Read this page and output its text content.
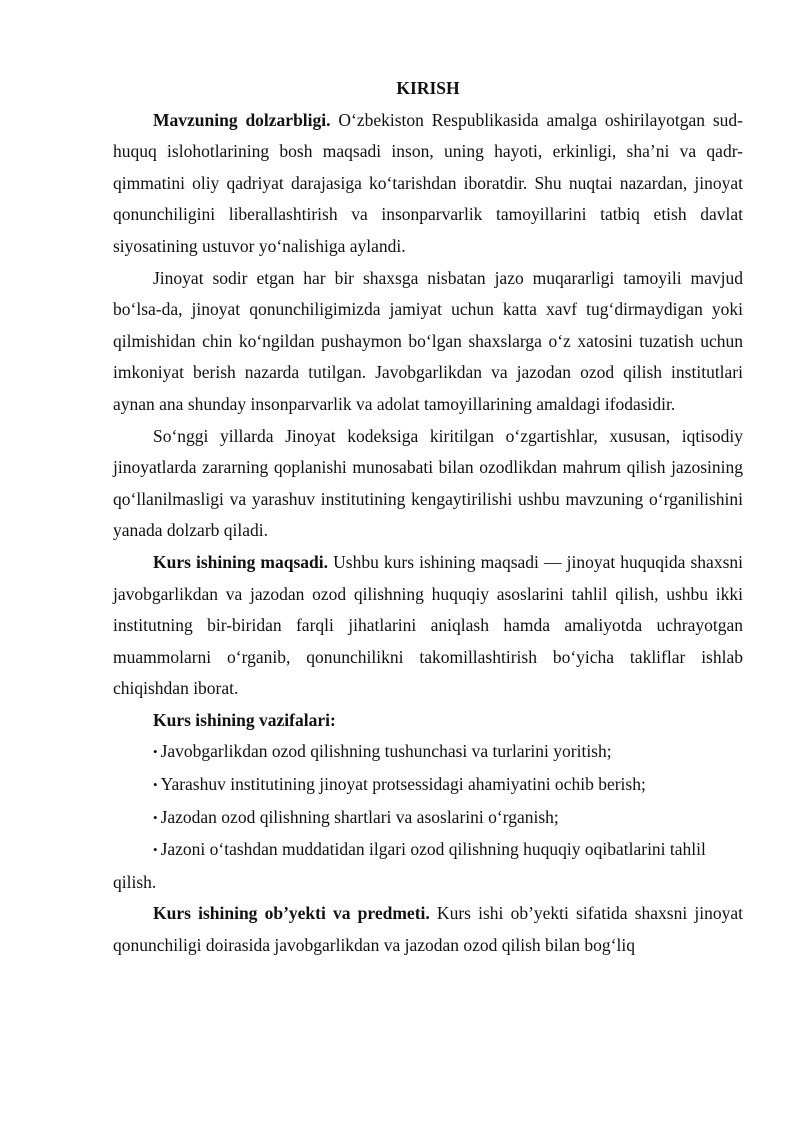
KIRISH

Mavzuning dolzarbligi. O‘zbekiston Respublikasida amalga oshirilayotgan sud-huquq islohotlarining bosh maqsadi inson, uning hayoti, erkinligi, sha’ni va qadr-qimmatini oliy qadriyat darajasiga ko‘tarishdan iboratdir. Shu nuqtai nazardan, jinoyat qonunchiligini liberallashtirish va insonparvarlik tamoyillarini tatbiq etish davlat siyosatining ustuvor yo‘nalishiga aylandi.

Jinoyat sodir etgan har bir shaxsga nisbatan jazo muqararligi tamoyili mavjud bo‘lsa-da, jinoyat qonunchiligimizda jamiyat uchun katta xavf tug‘dirmaydigan yoki qilmishidan chin ko‘ngildan pushaymon bo‘lgan shaxslarga o‘z xatosini tuzatish uchun imkoniyat berish nazarda tutilgan. Javobgarlikdan va jazodan ozod qilish institutlari aynan ana shunday insonparvarlik va adolat tamoyillarining amaldagi ifodasidir.

So‘nggi yillarda Jinoyat kodeksiga kiritilgan o‘zgartishlar, xususan, iqtisodiy jinoyatlarda zararning qoplanishi munosabati bilan ozodlikdan mahrum qilish jazosining qo‘llanilmasligi va yarashuv institutining kengaytirilishi ushbu mavzuning o‘rganilishini yanada dolzarb qiladi.

Kurs ishining maqsadi. Ushbu kurs ishining maqsadi — jinoyat huquqida shaxsni javobgarlikdan va jazodan ozod qilishning huquqiy asoslarini tahlil qilish, ushbu ikki institutning bir-biridan farqli jihatlarini aniqlash hamda amaliyotda uchrayotgan muammolarni o‘rganib, qonunchilikni takomillashtirish bo‘yicha takliflar ishlab chiqishdan iborat.

Kurs ishining vazifalari:

• Javobgarlikdan ozod qilishning tushunchasi va turlarini yoritish;

• Yarashuv institutining jinoyat protsessidagi ahamiyatini ochib berish;

• Jazodan ozod qilishning shartlari va asoslarini o‘rganish;

• Jazoni o‘tashdan muddatidan ilgari ozod qilishning huquqiy oqibatlarini tahlil qilish.

Kurs ishining ob’yekti va predmeti. Kurs ishi ob’yekti sifatida shaxsni jinoyat qonunchiligi doirasida javobgarlikdan va jazodan ozod qilish bilan bog‘liq
